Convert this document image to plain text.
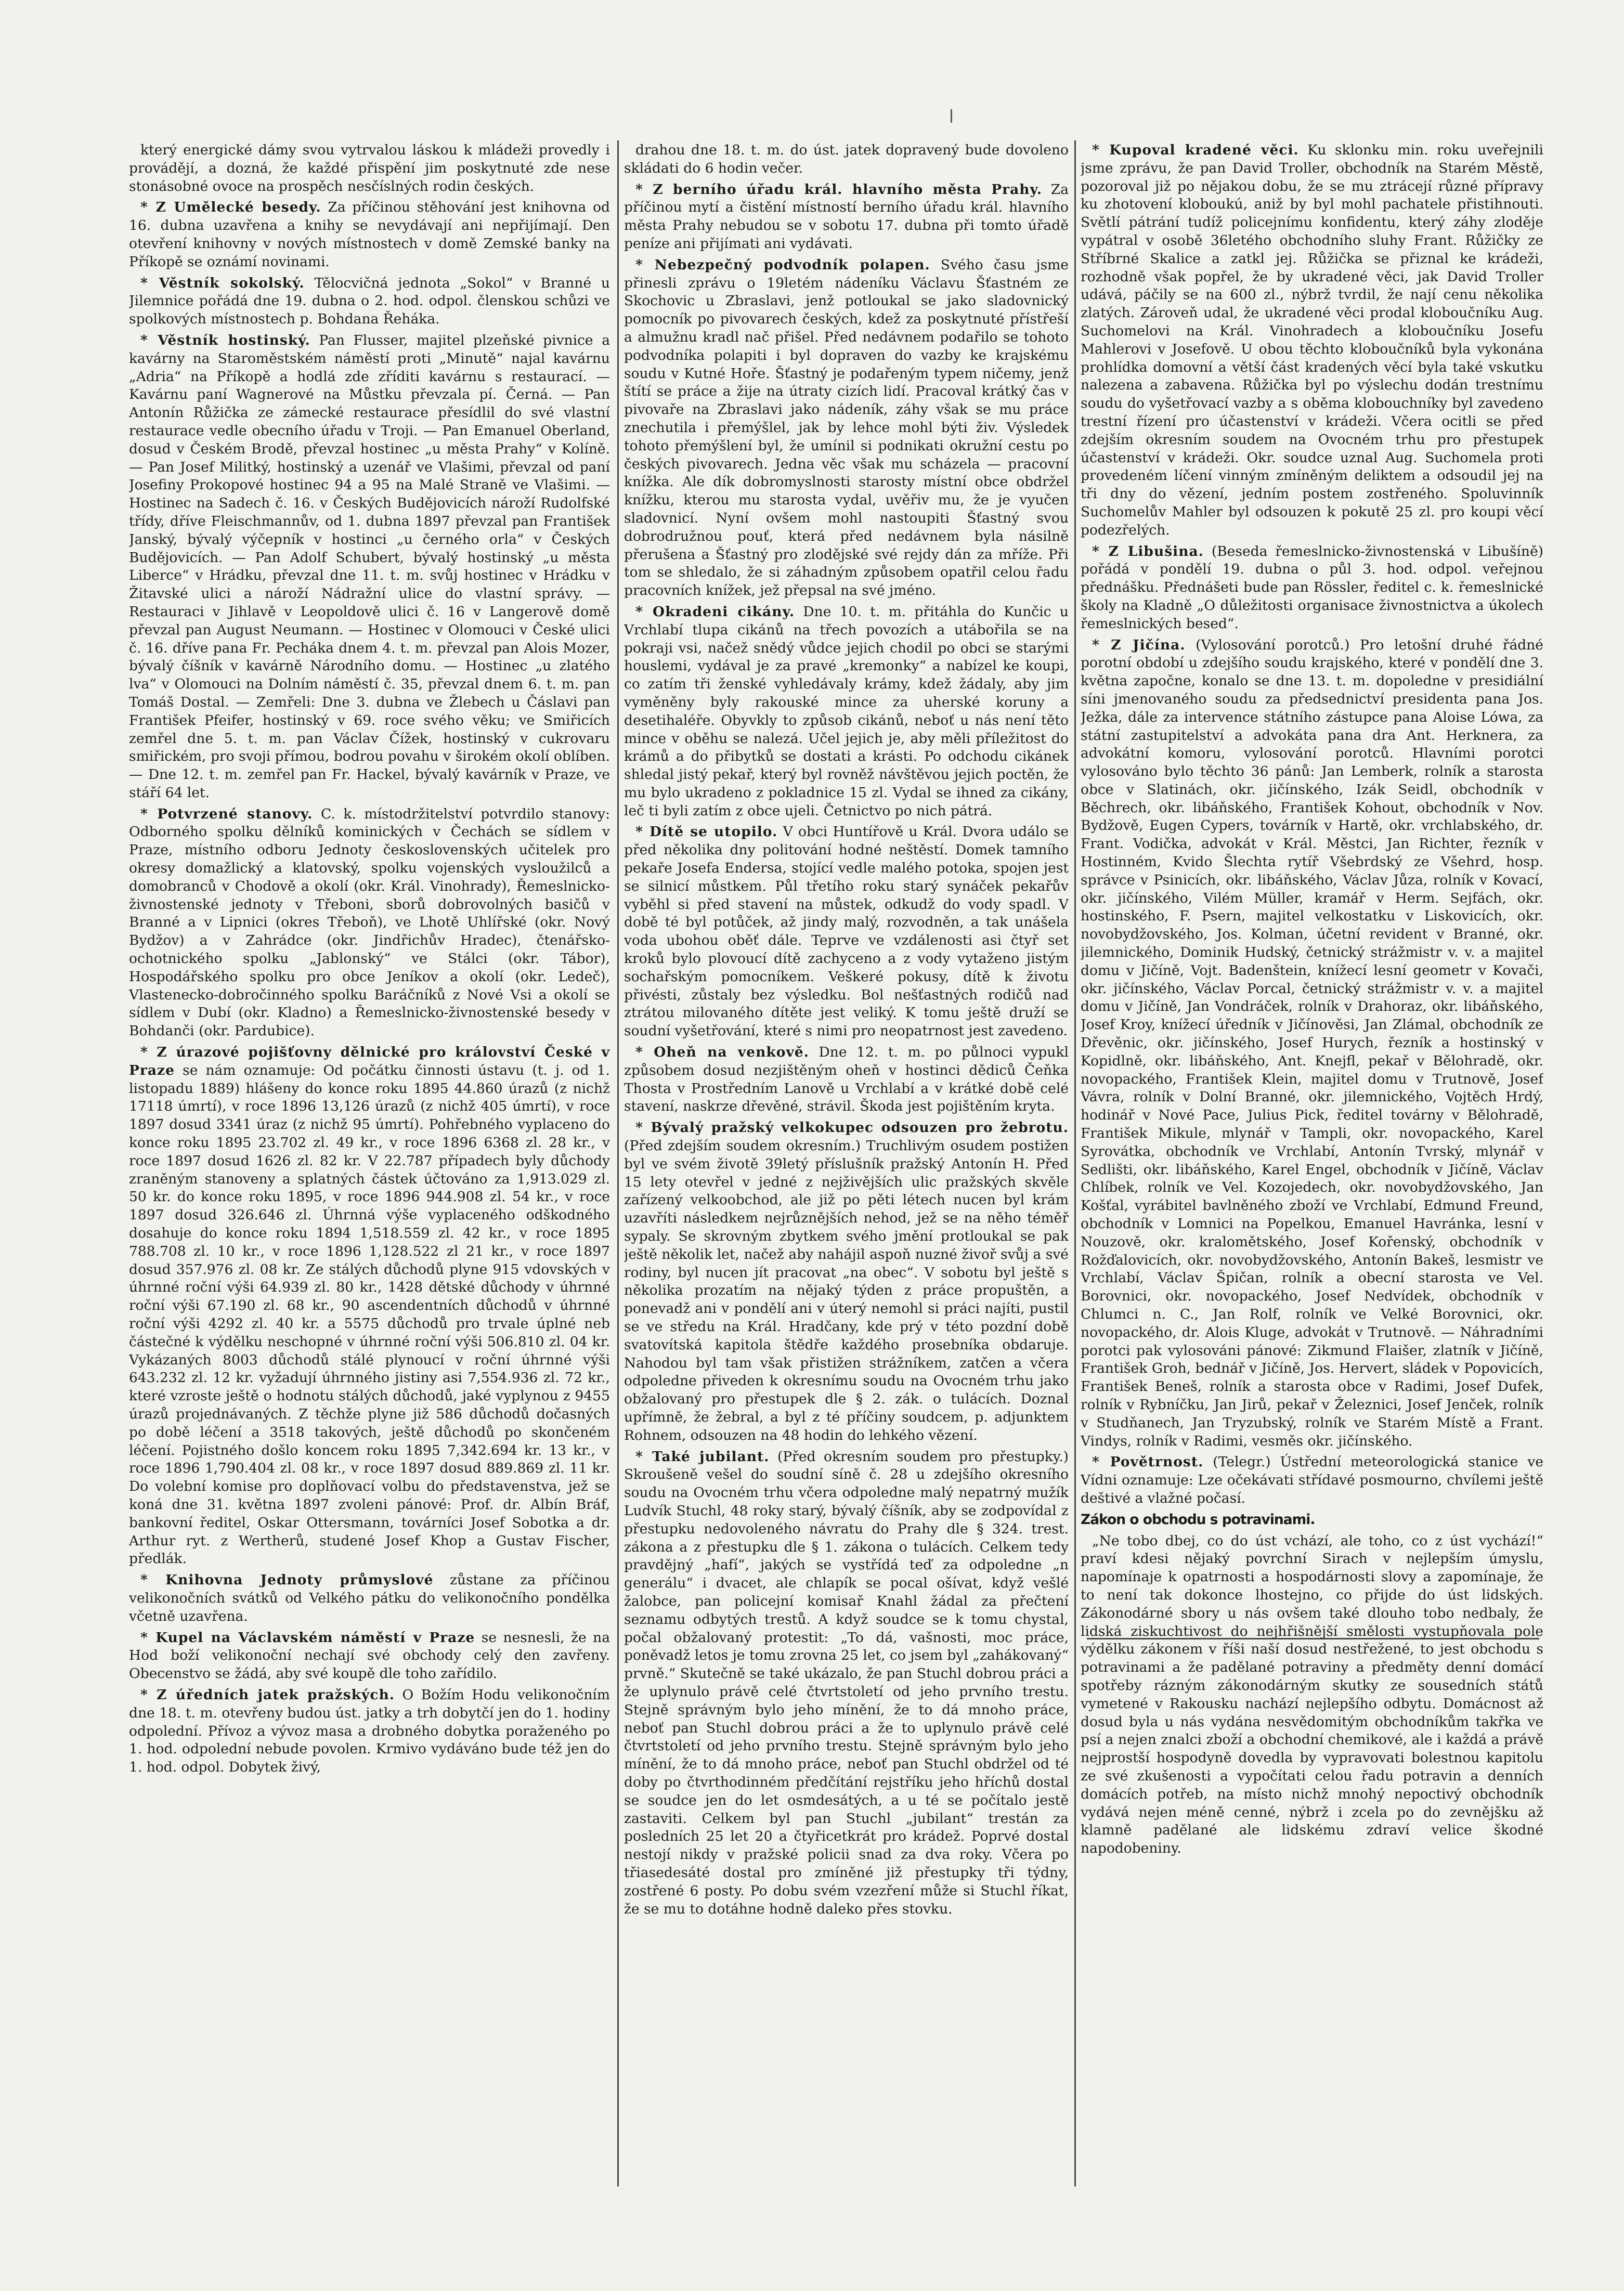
který energické dámy svou vytrvalou láskou k mládeži provedly i provádějí, a dozná, že každé přispění jim poskytnuté zde nese stonásobné ovoce na prospěch nesčíslných rodin českých.

* Z Umělecké besedy. Za příčinou stěhování jest knihovna od 16. dubna uzavřena a knihy se nevydávají ani nepřijímají. Den otevření knihovny v nových místnostech v domě Zemské banky na Příkopě se oznámí novinami.

* Věstník sokolský. Tělocvičná jednota „Sokol“ v Branné u Jilemnice pořádá dne 19. dubna o 2. hod. odpol. členskou schůzi ve spolkových místnostech p. Bohdana Řeháka.

* Věstník hostinský. Pan Flusser, majitel plzeňské pivnice a kavárny na Staroměstském náměstí proti „Minutě“ najal kavárnu „Adria“ na Příkopě a hodlá zde zříditi kavárnu s restaurací. — Kavárnu paní Wagnerové na Můstku převzala pí. Černá. — Pan Antonín Růžička ze zámecké restaurace přesídlil do své vlastní restaurace vedle obecního úřadu v Troji. — Pan Emanuel Oberland, dosud v Českém Brodě, převzal hostinec „u města Prahy“ v Kolíně. — Pan Josef Militký, hostinský a uzenář ve Vlašimi, převzal od paní Josefiny Prokopové hostinec 94 a 95 na Malé Straně ve Vlašimi. — Hostinec na Sadech č. 16. v Českých Budějovicích nároží Rudolfské třídy, dříve Fleischmannův, od 1. dubna 1897 převzal pan František Janský, bývalý výčepník v hostinci „u černého orla“ v Českých Budějovicích. — Pan Adolf Schubert, bývalý hostinský „u města Liberce“ v Hrádku, převzal dne 11. t. m. svůj hostinec v Hrádku v Žitavské ulici a nároží Nádražní ulice do vlastní správy. — Restauraci v Jihlavě v Leopoldově ulici č. 16 v Langerově domě převzal pan August Neumann. — Hostinec v Olomouci v České ulici č. 16. dříve pana Fr. Pecháka dnem 4. t. m. převzal pan Alois Mozer, bývalý číšník v kavárně Národního domu. — Hostinec „u zlatého lva“ v Olomouci na Dolním náměstí č. 35, převzal dnem 6. t. m. pan Tomáš Dostal. — Zemřeli: Dne 3. dubna ve Žlebech u Čáslavi pan František Pfeifer, hostinský v 69. roce svého věku; ve Smiřicích zemřel dne 5. t. m. pan Václav Čížek, hostinský v cukrovaru smiřickém, pro svoji přímou, bodrou povahu v širokém okolí oblíben. — Dne 12. t. m. zemřel pan Fr. Hackel, bývalý kavárník v Praze, ve stáří 64 let.

* Potvrzené stanovy. C. k. místodržitelství potvrdilo stanovy: Odborného spolku dělníků kominických v Čechách se sídlem v Praze, místního odboru Jednoty československých učitelek pro okresy domažlický a klatovský, spolku vojenských vysloužilců a domobranců v Chodově a okolí (okr. Král. Vinohrady), Řemeslnicko-živnostenské jednoty v Třeboni, sborů dobrovolných basičů v Branné a v Lipnici (okres Třeboň), ve Lhotě Uhlířské (okr. Nový Bydžov) a v Zahrádce (okr. Jindřichův Hradec), čtenářsko-ochotnického spolku „Jablonský“ ve Stálci (okr. Tábor), Hospodářského spolku pro obce Jeníkov a okolí (okr. Ledeč), Vlastenecko-dobročinného spolku Baráčníků z Nové Vsi a okolí se sídlem v Dubí (okr. Kladno) a Řemeslnicko-živnostenské besedy v Bohdanči (okr. Pardubice).

* Z úrazové pojišťovny dělnické pro království České v Praze se nám oznamuje: Od počátku činnosti ústavu (t. j. od 1. listopadu 1889) hlášeny do konce roku 1895 44.860 úrazů (z nichž 17118 úmrtí), v roce 1896 13,126 úrazů (z nichž 405 úmrtí), v roce 1897 dosud 3341 úraz (z nichž 95 úmrtí). Pohřebného vyplaceno do konce roku 1895 23.702 zl. 49 kr., v roce 1896 6368 zl. 28 kr., v roce 1897 dosud 1626 zl. 82 kr. V 22.787 případech byly důchody zraněným stanoveny a splatných částek účtováno za 1,913.029 zl. 50 kr. do konce roku 1895, v roce 1896 944.908 zl. 54 kr., v roce 1897 dosud 326.646 zl. Úhrnná výše vyplaceného odškodného dosahuje do konce roku 1894 1,518.559 zl. 42 kr., v roce 1895 788.708 zl. 10 kr., v roce 1896 1,128.522 zl 21 kr., v roce 1897 dosud 357.976 zl. 08 kr. Ze stálých důchodů plyne 915 vdovských v úhrnné roční výši 64.939 zl. 80 kr., 1428 dětské důchody v úhrnné roční výši 67.190 zl. 68 kr., 90 ascendentních důchodů v úhrnné roční výši 4292 zl. 40 kr. a 5575 důchodů pro trvale úplné neb částečné k výdělku neschopné v úhrnné roční výši 506.810 zl. 04 kr. Vykázaných 8003 důchodů stálé plynoucí v roční úhrnné výši 643.232 zl. 12 kr. vyžadují úhrnného jistiny asi 7,554.936 zl. 72 kr., které vzroste ještě o hodnotu stálých důchodů, jaké vyplynou z 9455 úrazů projednávaných. Z těchže plyne již 586 důchodů dočasných po době léčení a 3518 takových, ještě důchodů po skončeném léčení. Pojistného došlo koncem roku 1895 7,342.694 kr. 13 kr., v roce 1896 1,790.404 zl. 08 kr., v roce 1897 dosud 889.869 zl. 11 kr. Do volební komise pro doplňovací volbu do představenstva, jež se koná dne 31. května 1897 zvoleni pánové: Prof. dr. Albín Bráf, bankovní ředitel, Oskar Ottersmann, továrníci Josef Sobotka a dr. Arthur ryt. z Wertherů, studené Josef Khop a Gustav Fischer, předlák.

* Knihovna Jednoty průmyslové zůstane za příčinou velikonočních svátků od Velkého pátku do velikonočního pondělka včetně uzavřena.

* Kupel na Václavském náměstí v Praze se nesnesli, že na Hod boží velikonoční nechají své obchody celý den zavřeny. Obecenstvo se žádá, aby své koupě dle toho zařídilo.

* Z úředních jatek pražských. O Božím Hodu velikonočním dne 18. t. m. otevřeny budou úst. jatky a trh dobytčí jen do 1. hodiny odpolední. Přívoz a vývoz masa a drobného dobytka poraženého po 1. hod. odpolední nebude povolen. Krmivo vydáváno bude též jen do 1. hod. odpol. Dobytek živý,

drahou dne 18. t. m. do úst. jatek dopravený bude dovoleno skládati do 6 hodin večer.

* Z berního úřadu král. hlavního města Prahy. Za příčinou mytí a čistění místností berního úřadu král. hlavního města Prahy nebudou se v sobotu 17. dubna při tomto úřadě peníze ani přijímati ani vydávati.

* Nebezpečný podvodník polapen. Svého času jsme přinesli zprávu o 19letém nádeníku Václavu Šťastném ze Skochovic u Zbraslavi, jenž potloukal se jako sladovnický pomocník po pivovarech českých, kdež za poskytnuté přístřeší a almužnu kradl nač přišel. Před nedávnem podařilo se tohoto podvodníka polapiti i byl dopraven do vazby ke krajskému soudu v Kutné Hoře. Šťastný je podařeným typem ničemy, jenž štítí se práce a žije na útraty cizích lidí. Pracoval krátký čas v pivovaře na Zbraslavi jako nádeník, záhy však se mu práce znechutila i přemýšlel, jak by lehce mohl býti živ. Výsledek tohoto přemýšlení byl, že umínil si podnikati okružní cestu po českých pivovarech. Jedna věc však mu scházela — pracovní knížka. Ale dík dobromyslnosti starosty místní obce obdržel knížku, kterou mu starosta vydal, uvěřiv mu, že je vyučen sladovnicí. Nyní ovšem mohl nastoupiti Šťastný svou dobrodružnou pouť, která před nedávnem byla násilně přerušena a Šťastný pro zlodějské své rejdy dán za mříže. Při tom se shledalo, že si záhadným způsobem opatřil celou řadu pracovních knížek, jež přepsal na své jméno.

* Okradeni cikány. Dne 10. t. m. přitáhla do Kunčic u Vrchlabí tlupa cikánů na třech povozích a utábořila se na pokraji vsi, načež snědý vůdce jejich chodil po obci se starými houslemi, vydával je za pravé „kremonky“ a nabízel ke koupi, co zatím tři ženské vyhledávaly krámy, kdež žádaly, aby jim vyměněny byly rakouské mince za uherské koruny a desetihaléře. Obyvkly to způsob cikánů, neboť u nás není těto mince v oběhu se nalezá. Učel jejich je, aby měli příležitost do krámů a do přibytků se dostati a krásti. Po odchodu cikánek shledal jistý pekař, který byl rovněž návštěvou jejich poctěn, že mu bylo ukradeno z pokladnice 15 zl. Vydal se ihned za cikány, leč ti byli zatím z obce ujeli. Četnictvo po nich pátrá.

* Dítě se utopilo. V obci Huntířově u Král. Dvora událo se před několika dny politování hodné neštěstí. Domek tamního pekaře Josefa Endersa, stojící vedle malého potoka, spojen jest se silnicí můstkem. Půl třetího roku starý synáček pekařův vyběhl si před stavení na můstek, odkudž do vody spadl. V době té byl potůček, až jindy malý, rozvodněn, a tak unášela voda ubohou oběť dále. Teprve ve vzdálenosti asi čtyř set kroků bylo plovoucí dítě zachyceno a z vody vytaženo jistým sochařským pomocníkem. Veškeré pokusy, dítě k životu přivésti, zůstaly bez výsledku. Bol nešťastných rodičů nad ztrátou milovaného dítěte jest veliký. K tomu ještě druží se soudní vyšetřování, které s nimi pro neopatrnost jest zavedeno.

* Oheň na venkově. Dne 12. t. m. po půlnoci vypukl způsobem dosud nezjištěným oheň v hostinci dědiců Čeňka Thosta v Prostředním Lanově u Vrchlabí a v krátké době celé stavení, naskrze dřevěné, strávil. Škoda jest pojištěním kryta.

* Bývalý pražský velkokupec odsouzen pro žebrotu. (Před zdejším soudem okresním.) Truchlivým osudem postižen byl ve svém životě 39letý příslušník pražský Antonín H. Před 15 lety otevřel v jedné z nejživějších ulic pražských skvěle zařízený velkoobchod, ale již po pěti létech nucen byl krám uzavříti následkem nejrůznějších nehod, jež se na něho téměř sypaly. Se skrovným zbytkem svého jmění protloukal se pak ještě několik let, načež aby nahájil aspoň nuzné živoř svůj a své rodiny, byl nucen jít pracovat „na obec“. V sobotu byl ještě s několika prozatím na nějaký týden z práce propuštěn, a ponevadž ani v pondělí ani v úterý nemohl si práci najíti, pustil se ve středu na Král. Hradčany, kde prý v této pozdní době svatovítská kapitola štědře každého prosebníka obdaruje. Nahodou byl tam však přistižen strážníkem, zatčen a včera odpoledne přiveden k okresnímu soudu na Ovocném trhu jako obžalovaný pro přestupek dle § 2. zák. o tulácích. Doznal upřímně, že žebral, a byl z té příčiny soudcem, p. adjunktem Rohnem, odsouzen na 48 hodin do lehkého vězení.

* Také jubilant. (Před okresním soudem pro přestupky.) Skroušeně vešel do soudní síně č. 28 u zdejšího okresního soudu na Ovocném trhu včera odpoledne malý nepatrný mužík Ludvík Stuchl, 48 roky starý, bývalý číšník, aby se zodpovídal z přestupku nedovoleného návratu do Prahy dle § 324. trest. zákona a z přestupku dle § 1. zákona o tulácích. Celkem tedy pravdějný „hafí“, jakých se vystřídá teď za odpoledne „n generálu“ i dvacet, ale chlapík se pocal ošívat, když vešlé žalobce, pan policejní komisař Knahl žádal za přečtení seznamu odbytých trestů. A když soudce se k tomu chystal, počal obžalovaný protestit: „To dá, vašnosti, moc práce, poněvadž letos je tomu zrovna 25 let, co jsem byl „zahákovaný“ prvně.“ Skutečně se také ukázalo, že pan Stuchl dobrou práci a že uplynulo právě celé čtvrtstoletí od jeho prvního trestu. Stejně správným bylo jeho mínění, že to dá mnoho práce, neboť pan Stuchl dobrou práci a že to uplynulo právě celé čtvrtstoletí od jeho prvního trestu. Stejně správným bylo jeho mínění, že to dá mnoho práce, neboť pan Stuchl obdržel od té doby po čtvrthodinném předčítání rejstříku jeho hříchů dostal se soudce jen do let osmdesátých, a u té se počítalo jestě zastaviti. Celkem byl pan Stuchl „jubilant“ trestán za posledních 25 let 20 a čtyřicetkrát pro krádež. Poprvé dostal nestojí nikdy v pražské policii snad za dva roky. Včera po třiasedesáté dostal pro zmíněné již přestupky tři týdny, zostřené 6 posty. Po dobu svém vzezření může si Stuchl říkat, že se mu to dotáhne hodně daleko přes stovku.

* Kupoval kradené věci. Ku sklonku min. roku uveřejnili jsme zprávu, že pan David Troller, obchodník na Starém Městě, pozoroval již po nějakou dobu, že se mu ztrácejí různé přípravy ku zhotovení kloboukú, aniž by byl mohl pachatele přistihnouti. Světlí pátrání tudíž policejnímu konfidentu, který záhy zloděje vypátral v osobě 36letého obchodního sluhy Frant. Růžičky ze Stříbrné Skalice a zatkl jej. Růžička se přiznal ke krádeži, rozhodně však popřel, že by ukradené věci, jak David Troller udává, páčily se na 600 zl., nýbrž tvrdil, že nají cenu několika zlatých. Zároveň udal, že ukradené věci prodal kloboučníku Aug. Suchomelovi na Král. Vinohradech a kloboučníku Josefu Mahlerovi v Josefově. U obou těchto kloboučníků byla vykonána prohlídka domovní a větší část kradených věcí byla také vskutku nalezena a zabavena. Růžička byl po výslechu dodán trestnímu soudu do vyšetřovací vazby a s oběma klobouchníky byl zavedeno trestní řízení pro účastenství v krádeži. Včera ocitli se před zdejším okresním soudem na Ovocném trhu pro přestupek účastenství v krádeži. Okr. soudce uznal Aug. Suchomela proti provedeném líčení vinným zmíněným deliktem a odsoudil jej na tři dny do vězení, jedním postem zostřeného. Spoluvinník Suchomelův Mahler byl odsouzen k pokutě 25 zl. pro koupi věcí podezřelých.

* Z Libušina. (Beseda řemeslnicko-živnostenská v Libušíně) pořádá v pondělí 19. dubna o půl 3. hod. odpol. veřejnou přednášku. Přednášeti bude pan Rössler, ředitel c. k. řemeslnické školy na Kladně „O důležitosti organisace živnostnictva a úkolech řemeslnických besed“.

* Z Jičína. (Vylosování porotců.) Pro letošní druhé řádné porotní období u zdejšího soudu krajského, které v pondělí dne 3. května započne, konalo se dne 13. t. m. dopoledne v presidiální síni jmenovaného soudu za předsednictví presidenta pana Jos. Ježka, dále za intervence státního zástupce pana Aloise Lówa, za státní zastupitelství a advokáta pana dra Ant. Herknera, za advokátní komoru, vylosování porotců. Hlavními porotci vylosováno bylo těchto 36 pánů: Jan Lemberk, rolník a starosta obce v Slatinách, okr. jičínského, Izák Seidl, obchodník v Běchrech, okr. libáňského, František Kohout, obchodník v Nov. Bydžově, Eugen Cypers, továrník v Hartě, okr. vrchlabského, dr. Frant. Vodička, advokát v Král. Městci, Jan Richter, řezník v Hostinném, Kvido Šlechta rytíř Všebrdský ze Všehrd, hosp. správce v Psinicích, okr. libáňského, Václav Jůza, rolník v Kovací, okr. jičínského, Vilém Müller, kramář v Herm. Sejfách, okr. hostinského, F. Psern, majitel velkostatku v Liskovicích, okr. novobydžovského, Jos. Kolman, účetní revident v Branné, okr. jilemnického, Dominik Hudský, četnický strážmistr v. v. a majitel domu v Jičíně, Vojt. Badenštein, knížecí lesní geometr v Kovači, okr. jičínského, Václav Porcal, četnický strážmistr v. v. a majitel domu v Jičíně, Jan Vondráček, rolník v Drahoraz, okr. libáňského, Josef Kroy, knížecí úředník v Jičínověsi, Jan Zlámal, obchodník ze Dřevěnic, okr. jičínského, Josef Hurych, řezník a hostinský v Kopidlně, okr. libáňského, Ant. Knejfl, pekař v Bělohradě, okr. novopackého, František Klein, majitel domu v Trutnově, Josef Vávra, rolník v Dolní Branné, okr. jilemnického, Vojtěch Hrdý, hodinář v Nové Pace, Julius Pick, ředitel továrny v Bělohradě, František Mikule, mlynář v Tampli, okr. novopackého, Karel Syrovátka, obchodník ve Vrchlabí, Antonín Tvrský, mlynář v Sedlišti, okr. libáňského, Karel Engel, obchodník v Jičíně, Václav Chlíbek, rolník ve Vel. Kozojedech, okr. novobydžovského, Jan Košťal, vyrábitel bavlněného zboží ve Vrchlabí, Edmund Freund, obchodník v Lomnici na Popelkou, Emanuel Havránka, lesní v Nouzově, okr. kralomětského, Josef Kořenský, obchodník v Rožďalovicích, okr. novobydžovského, Antonín Bakeš, lesmistr ve Vrchlabí, Václav Špičan, rolník a obecní starosta ve Vel. Borovnici, okr. novopackého, Josef Nedvídek, obchodník v Chlumci n. C., Jan Rolf, rolník ve Velké Borovnici, okr. novopackého, dr. Alois Kluge, advokát v Trutnově. — Náhradními porotci pak vylosováni pánové: Zikmund Flaišer, zlatník v Jičíně, František Groh, bednář v Jičíně, Jos. Hervert, sládek v Popovicích, František Beneš, rolník a starosta obce v Radimi, Josef Dufek, rolník v Rybníčku, Jan Jirů, pekař v Železnici, Josef Jenček, rolník v Studňanech, Jan Tryzubský, rolník ve Starém Místě a Frant. Vindys, rolník v Radimi, vesměs okr. jičínského.

* Povětrnost. (Telegr.) Ústřední meteorologická stanice ve Vídni oznamuje: Lze očekávati střídavé posmourno, chvílemi ještě deštivé a vlažné počasí.

Zákon o obchodu s potravinami.

„Ne tobo dbej, co do úst vchází, ale toho, co z úst vychází!“ praví kdesi nějaký povrchní Sirach v nejlepším úmyslu, napomínaje k opatrnosti a hospodárnosti slovy a zapomínaje, že to není tak dokonce lhostejno, co přijde do úst lidských. Zákonodárné sbory u nás ovšem také dlouho tobo nedbaly, že lidská ziskuchtivost do nejhřišnější smělosti vystupňovala pole výdělku zákonem v říši naší dosud nestřežené, to jest obchodu s potravinami a že padělané potraviny a předměty denní domácí spotřeby rázným zákonodárným skutky ze sousedních států vymetené v Rakousku nachází nejlepšího odbytu. Domácnost až dosud byla u nás vydána nesvědomitým obchodníkům takřka ve psí a nejen znalci zboží a obchodní chemikové, ale i každá a právě nejprostší hospodyně dovedla by vypravovati bolestnou kapitolu ze své zkušenosti a vypočítati celou řadu potravin a denních domácích potřeb, na místo nichž mnohý nepoctivý obchodník vydává nejen méně cenné, nýbrž i zcela po do zevnějšku až klamně padělané ale lidskému zdraví velice škodné napodobeniny.
